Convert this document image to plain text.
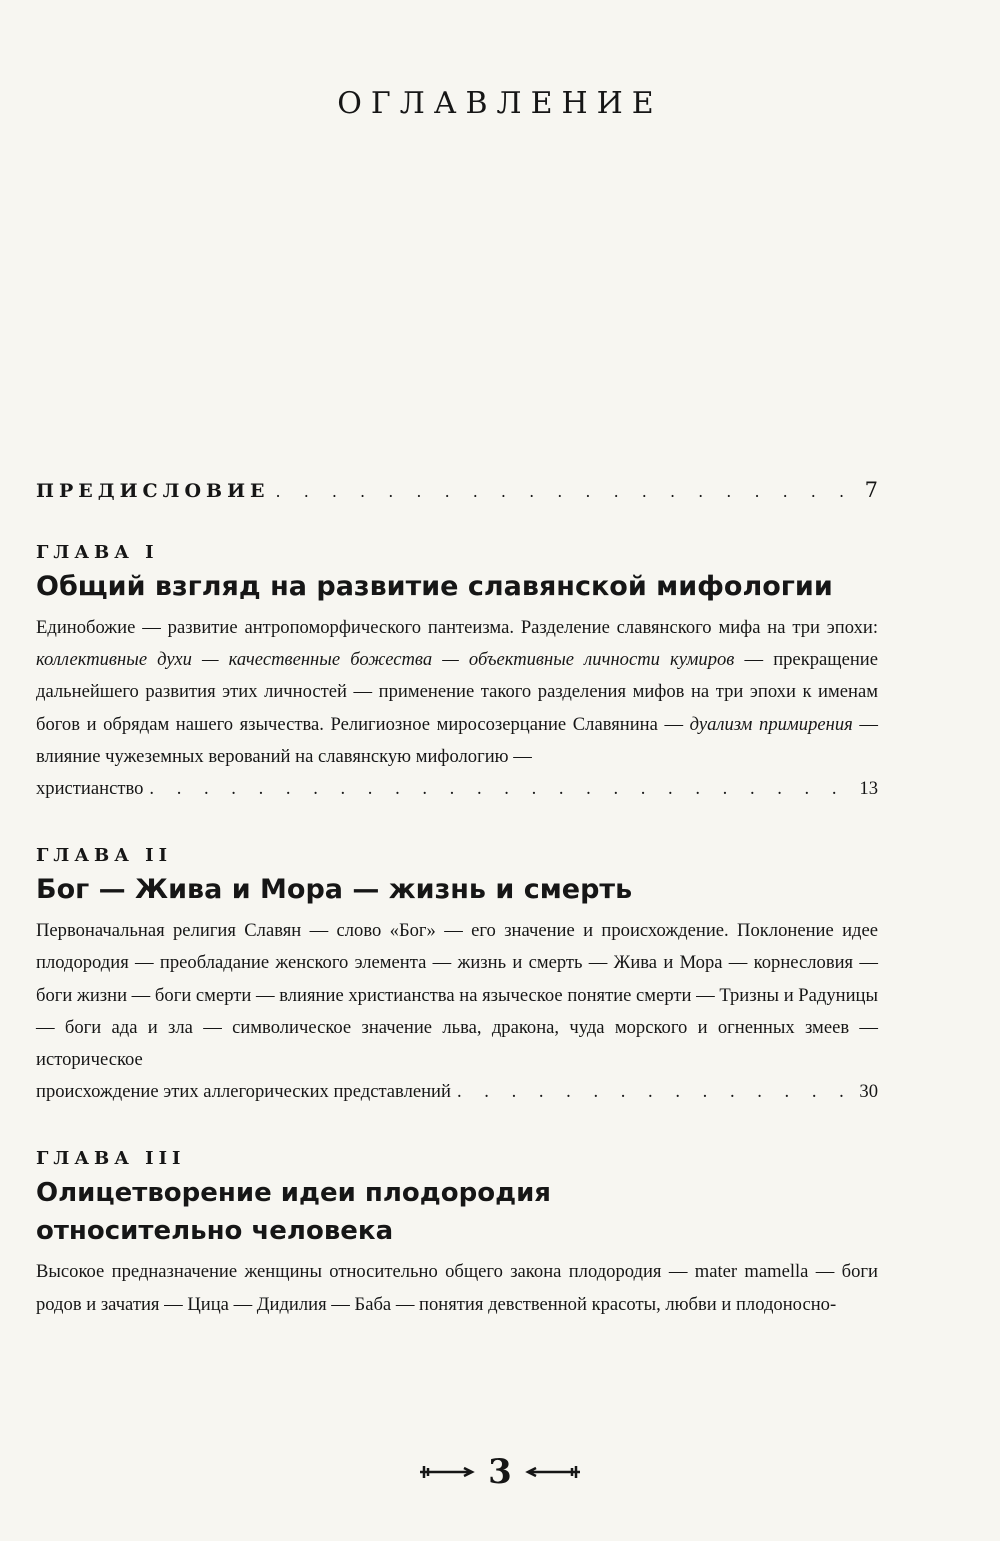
ОГЛАВЛЕНИЕ
ПРЕДИСЛОВИЕ . . .	7

ГЛАВА I

Общий взгляд на развитие славянской мифологии

Единобожие — развитие антропоморфического пантеизма. Разделение славянского мифа на три эпохи: коллективные духи — качественные божества — объективные личности кумиров — прекращение дальнейшего развития этих личностей — применение такого разделения мифов на три эпохи к именам богов и обрядам нашего язычества. Религиозное миросозерцание Славянина — дуализм примирения — влияние чужеземных верований на славянскую мифологию —

христианство . . .	13

ГЛАВА II

Бог — Жива и Мора — жизнь и смерть

Первоначальная религия Славян — слово «Бог» — его значение и происхождение. Поклонение идее плодородия — преобладание женского элемента — жизнь и смерть — Жива и Мора — корнесловия — боги жизни — боги смерти — влияние христианства на языческое понятие смерти — Тризны и Радуницы — боги ада и зла — символическое значение льва, дракона, чуда морского и огненных змеев — историческое

происхождение этих аллегорических представлений . . .	30

ГЛАВА III

Олицетворение идеи плодородия
относительно человека

Высокое предназначение женщины относительно общего закона плодородия — mater mamella — боги родов и зачатия — Цица — Дидилия — Баба — понятия девственной красоты, любви и плодоносно-

3
